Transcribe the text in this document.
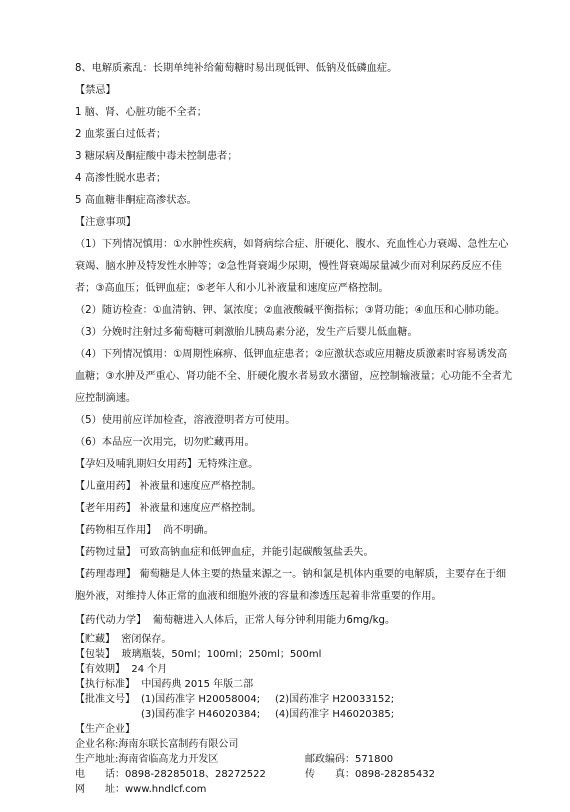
8、电解质紊乱：长期单纯补给葡萄糖时易出现低钾、低钠及低磷血症。
【禁忌】
1 脑、肾、心脏功能不全者；
2 血浆蛋白过低者；
3 糖尿病及酮症酸中毒未控制患者；
4 高渗性脱水患者；
5 高血糖非酮症高渗状态。
【注意事项】
（1）下列情况慎用：①水肿性疾病，如肾病综合症、肝硬化、腹水、充血性心力衰竭、急性左心衰竭、脑水肿及特发性水肿等；②急性肾衰竭少尿期，慢性肾衰竭尿量减少而对利尿药反应不佳者；③高血压；低钾血症；⑤老年人和小儿补液量和速度应严格控制。
（2）随访检查：①血清钠、钾、氯浓度；②血液酸碱平衡指标；③肾功能；④血压和心肺功能。
（3）分娩时注射过多葡萄糖可刺激胎儿胰岛素分泌，发生产后婴儿低血糖。
（4）下列情况慎用：①周期性麻痹、低钾血症患者；②应激状态或应用糖皮质激素时容易诱发高血糖；③水肿及严重心、肾功能不全、肝硬化腹水者易致水潴留，应控制输液量；心功能不全者尤应控制滴速。
（5）使用前应详加检查，溶液澄明者方可使用。
（6）本品应一次用完，切勿贮藏再用。
【孕妇及哺乳期妇女用药】无特殊注意。
【儿童用药】 补液量和速度应严格控制。
【老年用药】 补液量和速度应严格控制。
【药物相互作用】 尚不明确。
【药物过量】 可致高钠血症和低钾血症，并能引起碳酸氢盐丢失。
【药理毒理】 葡萄糖是人体主要的热量来源之一。钠和氯是机体内重要的电解质，主要存在于细胞外液，对维持人体正常的血液和细胞外液的容量和渗透压起着非常重要的作用。
【药代动力学】 葡萄糖进入人体后，正常人每分钟利用能力6mg/kg。
【贮藏】 密闭保存。
【包装】 玻璃瓶装，50ml；100ml；250ml；500ml
【有效期】 24 个月
【执行标准】 中国药典 2015 年版二部
【批准文号】 (1)国药准字 H20058004;	(2)国药准字 H20033152;
(3)国药准字 H46020384;	(4)国药准字 H46020385;
【生产企业】
企业名称:海南东联长富制药有限公司
生产地址:海南省临高龙力开发区	邮政编码：571800
电　　话：0898-28285018、28272522	传　　真：0898-28285432
网　　址：www.hndlcf.com
